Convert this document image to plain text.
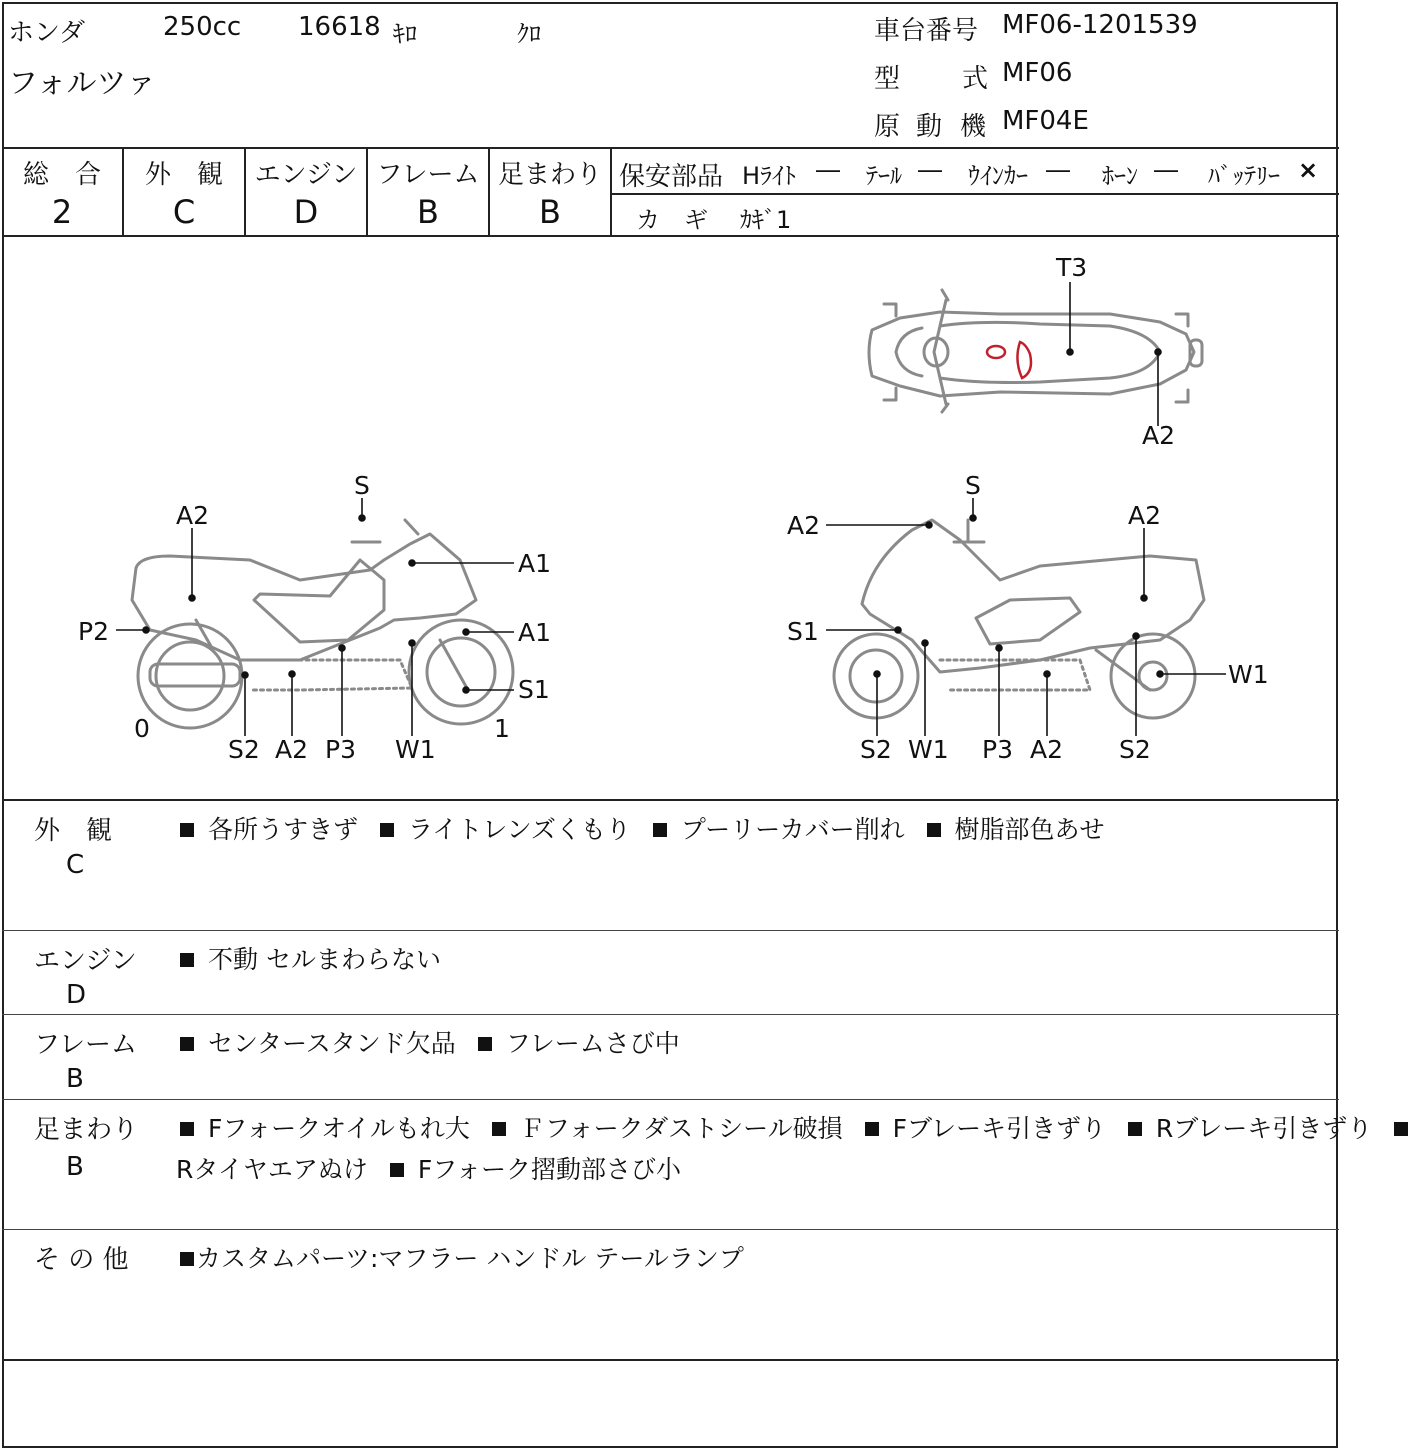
ホンダ	250cc 16618 ｷﾛ	ｸﾛ
フォルツァ
車台番号 MF06-1201539
型 式 MF06
原 動 機 MF04E
総　合
2
外　観
C
エンジン
D
フレーム
B
足まわり
B
保安部品 Hﾗｲﾄ ― ﾃｰﾙ ― ｳｲﾝｶｰ ― ﾎｰﾝ ― ﾊﾞｯﾃﾘｰ ×
カ　ギ ｶｷﾞ1
T3
A2
S
A2
A1
A1
P2
S1
0	1
S2 A2 P3 W1
S
A2	A2
S1
W1
S2 W1 P3 A2 S2
外　観
C
各所うすきず ライトレンズくもり プーリーカバー削れ 樹脂部色あせ
エンジン
D
不動 セルまわらない
フレーム
B
センタースタンド欠品 フレームさび中
足まわり
B
Fフォークオイルもれ大 Ｆフォークダストシール破損 Fブレーキ引きずり Rブレーキ引きずり
Rタイヤエアぬけ Fフォーク摺動部さび小
そ の 他	カスタムパーツ:マフラー ハンドル テールランプ
